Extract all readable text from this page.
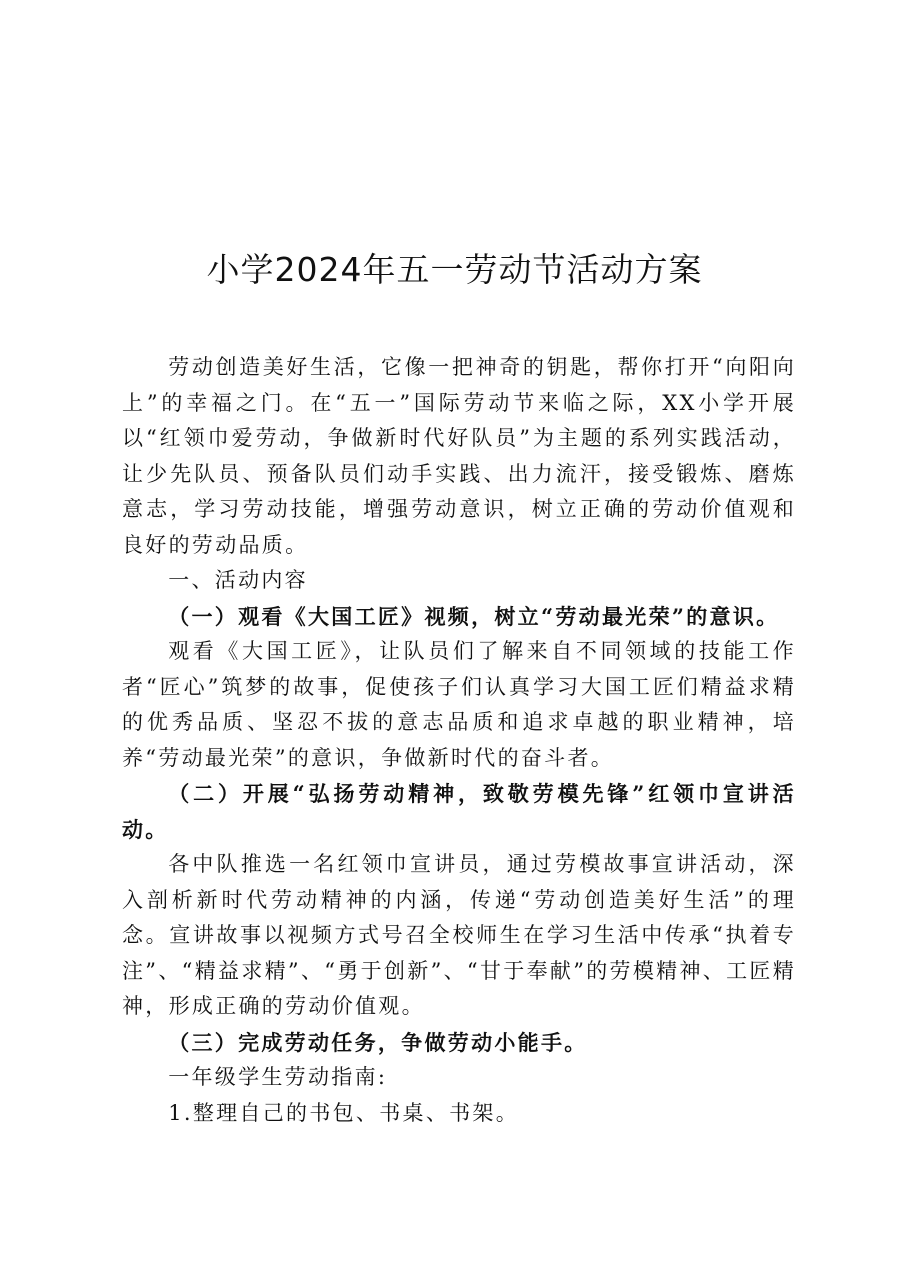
小学2024年五一劳动节活动方案

劳动创造美好生活，它像一把神奇的钥匙，帮你打开“向阳向上”的幸福之门。在“五一”国际劳动节来临之际，XX小学开展以“红领巾爱劳动，争做新时代好队员”为主题的系列实践活动，让少先队员、预备队员们动手实践、出力流汗，接受锻炼、磨炼意志，学习劳动技能，增强劳动意识，树立正确的劳动价值观和良好的劳动品质。

一、活动内容

（一）观看《大国工匠》视频，树立“劳动最光荣”的意识。

观看《大国工匠》，让队员们了解来自不同领域的技能工作者“匠心”筑梦的故事，促使孩子们认真学习大国工匠们精益求精的优秀品质、坚忍不拔的意志品质和追求卓越的职业精神，培养“劳动最光荣”的意识，争做新时代的奋斗者。

（二）开展“弘扬劳动精神，致敬劳模先锋”红领巾宣讲活动。

各中队推选一名红领巾宣讲员，通过劳模故事宣讲活动，深入剖析新时代劳动精神的内涵，传递“劳动创造美好生活”的理念。宣讲故事以视频方式号召全校师生在学习生活中传承“执着专注”、“精益求精”、“勇于创新”、“甘于奉献”的劳模精神、工匠精神，形成正确的劳动价值观。

（三）完成劳动任务，争做劳动小能手。

一年级学生劳动指南:

1.整理自己的书包、书桌、书架。
